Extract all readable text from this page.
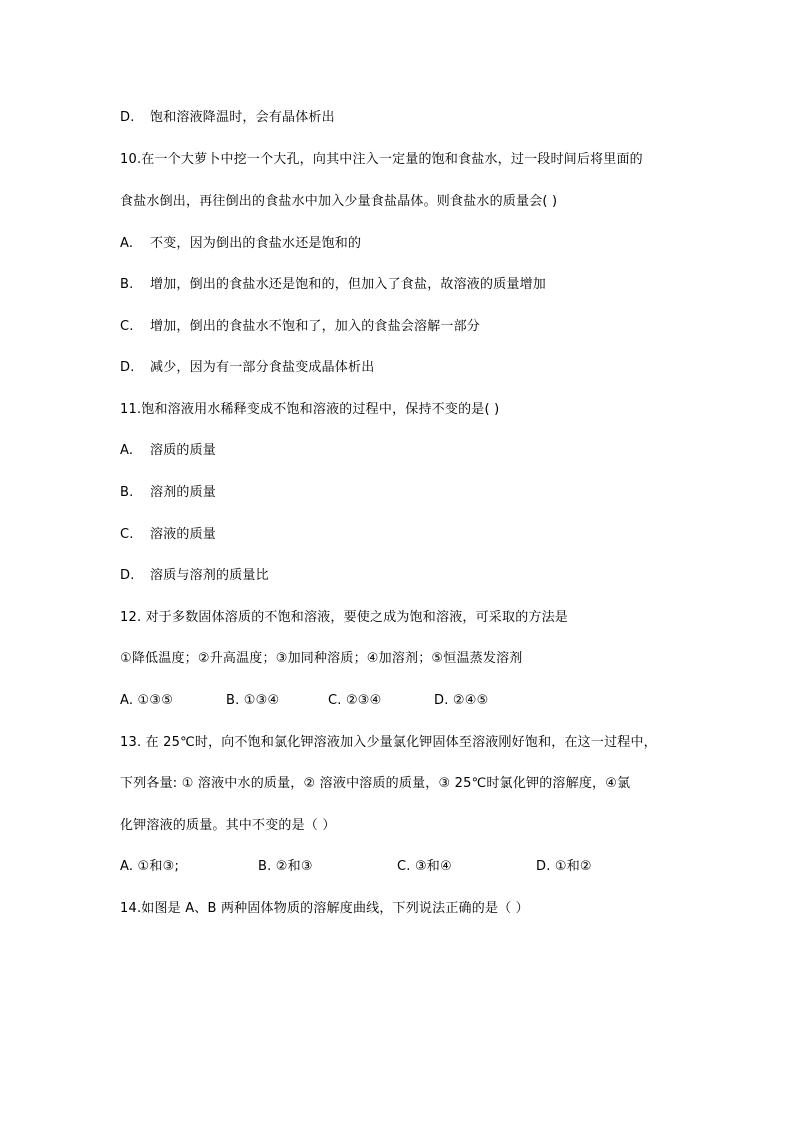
D. 饱和溶液降温时，会有晶体析出
10.在一个大萝卜中挖一个大孔，向其中注入一定量的饱和食盐水，过一段时间后将里面的
食盐水倒出，再往倒出的食盐水中加入少量食盐晶体。则食盐水的质量会( )
A. 不变，因为倒出的食盐水还是饱和的
B. 增加，倒出的食盐水还是饱和的，但加入了食盐，故溶液的质量增加
C. 增加，倒出的食盐水不饱和了，加入的食盐会溶解一部分
D. 减少，因为有一部分食盐变成晶体析出
11.饱和溶液用水稀释变成不饱和溶液的过程中，保持不变的是( )
A. 溶质的质量
B. 溶剂的质量
C. 溶液的质量
D. 溶质与溶剂的质量比
12. 对于多数固体溶质的不饱和溶液，要使之成为饱和溶液，可采取的方法是
①降低温度；②升高温度；③加同种溶质；④加溶剂；⑤恒温蒸发溶剂
A. ①③⑤	B. ①③④	C. ②③④	D. ②④⑤
13. 在 25℃时，向不饱和氯化钾溶液加入少量氯化钾固体至溶液刚好饱和，在这一过程中，
下列各量: ① 溶液中水的质量，② 溶液中溶质的质量，③ 25℃时氯化钾的溶解度，④氯
化钾溶液的质量。其中不变的是（ ）
A. ①和③;	B. ②和③	C. ③和④	D. ①和②
14.如图是 A、B 两种固体物质的溶解度曲线，下列说法正确的是（ ）
